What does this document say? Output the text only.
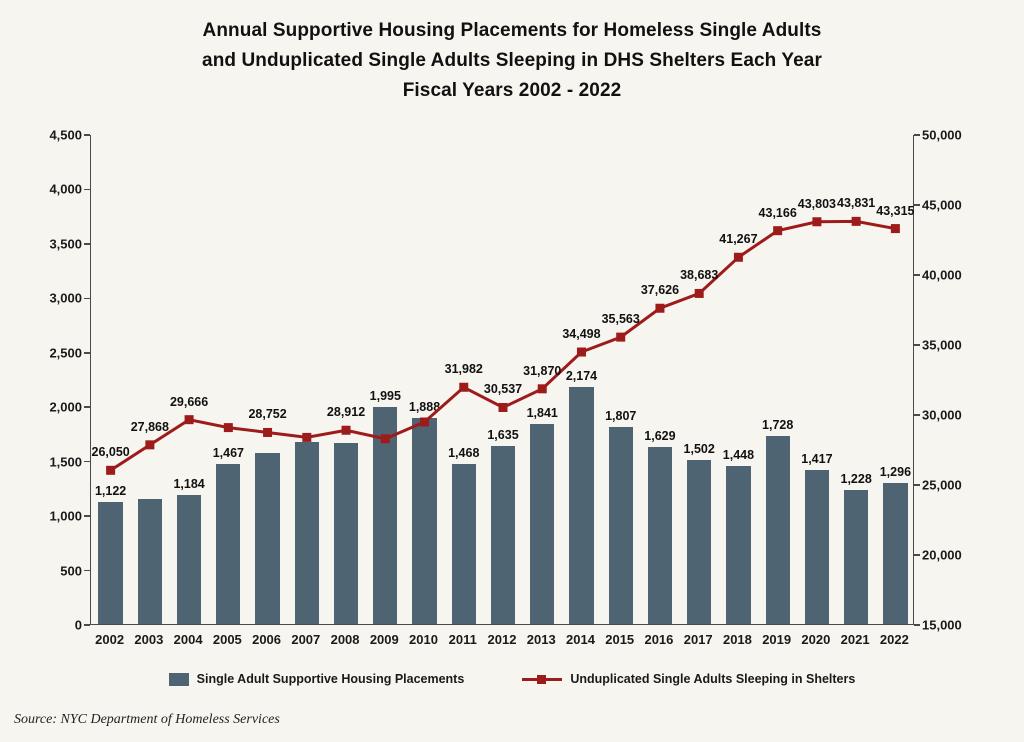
Annual Supportive Housing Placements for Homeless Single Adults
and Unduplicated Single Adults Sleeping in DHS Shelters Each Year
Fiscal Years 2002 - 2022
0
500
1,000
1,500
2,000
2,500
3,000
3,500
4,000
4,500
15,000
20,000
25,000
30,000
35,000
40,000
45,000
50,000
1,122	1,184
1,467
1,995
1,888
1,468
1,635
1,841
2,174
1,807
1,629
1,502 1,448
1,728
1,417
1,228
1,296
26,050
27,868
29,666
28,752	28,912
31,982
30,537
31,870
34,498
35,563
37,626
38,683
41,267
43,166
43,803 43,831
43,315
2002 2003 2004 2005 2006 2007 2008 2009 2010 2011 2012 2013 2014 2015 2016 2017 2018 2019 2020 2021 2022
Single Adult Supportive Housing Placements	Unduplicated Single Adults Sleeping in Shelters
Source: NYC Department of Homeless Services
